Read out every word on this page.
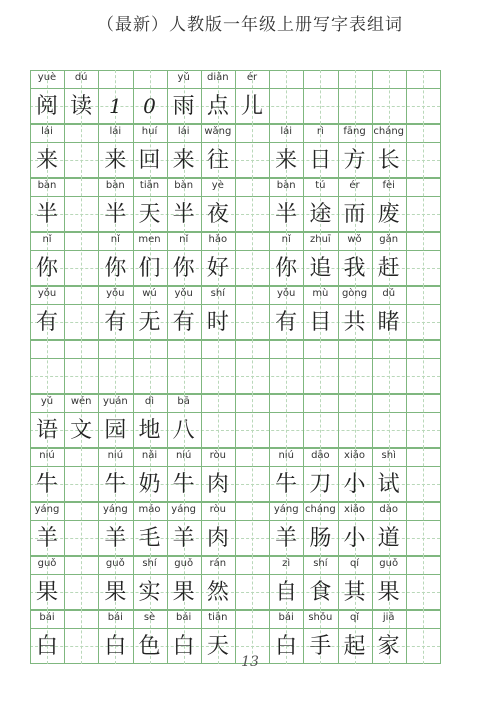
（最新）人教版一年级上册写字表组词
yuè
阅
dú
读 1	0
yǔ
雨
diǎn
点
ér
儿
lái
来
lái
来
huí
回
lái
来
wǎng
往
lái
来
rì
日
fāng
方
cháng
长
bàn
半
bàn
半
tiān
天
bàn
半
yè
夜
bàn
半
tú
途
ér
而
fèi
废
nǐ
你
nǐ
你
men
们
nǐ
你
hǎo
好
nǐ
你
zhuī
追
wǒ
我
gǎn
赶
yǒu
有
yǒu
有
wú
无
yǒu
有
shí
时
yǒu
有
mù
目
gòng
共
dǔ
睹
yǔ
语
wén
文
yuán
园
dì
地
bā
八
niú
牛
niú
牛
nǎi
奶
niú
牛
ròu
肉
niú
牛
dāo
刀
xiǎo
小
shì
试
yáng
羊
yáng
羊
máo
毛
yáng
羊
ròu
肉
yáng
羊
cháng
肠
xiǎo
小
dào
道
guǒ
果
guǒ
果
shí
实
guǒ
果
rán
然
zì
自
shí
食
qí
其
guǒ
果
bái
白
bái
白
sè
色
bái
白
tiān
天
bái
白
shǒu
手
qǐ
起
jiā
家
13
